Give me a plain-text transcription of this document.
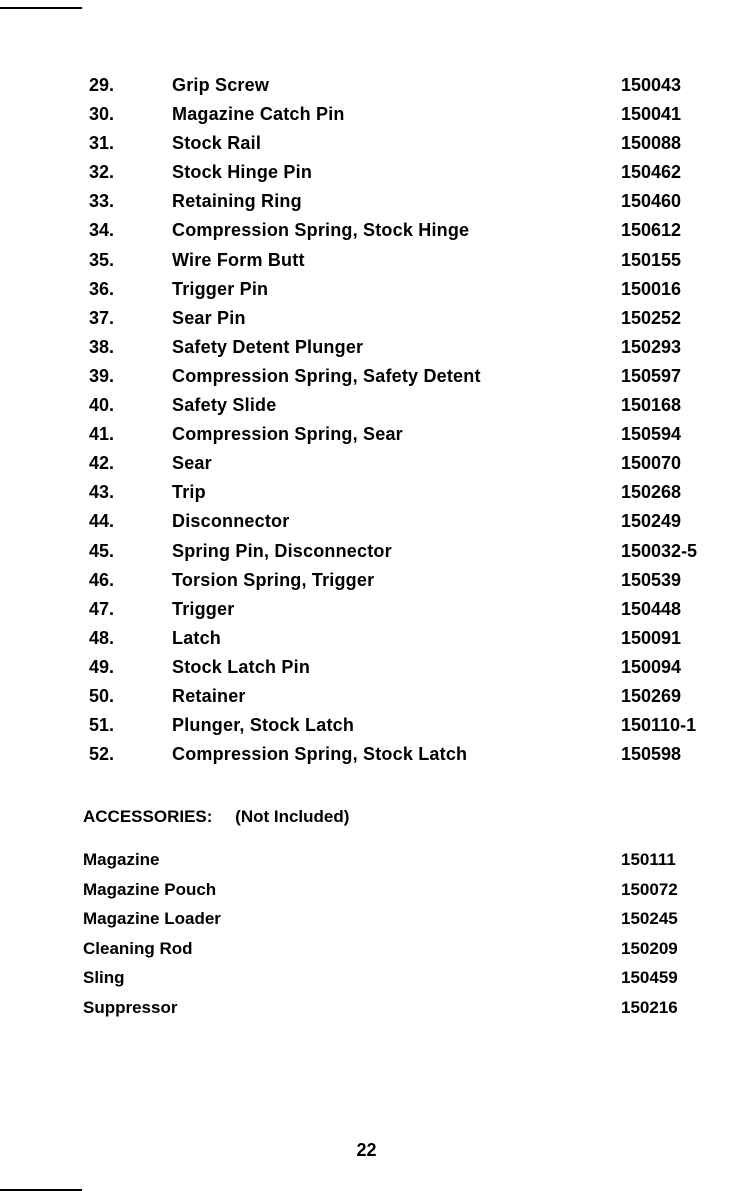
29.	Grip Screw	150043
30.	Magazine Catch Pin	150041
31.	Stock Rail	150088
32.	Stock Hinge Pin	150462
33.	Retaining Ring	150460
34.	Compression Spring, Stock Hinge	150612
35.	Wire Form Butt	150155
36.	Trigger Pin	150016
37.	Sear Pin	150252
38.	Safety Detent Plunger	150293
39.	Compression Spring, Safety Detent	150597
40.	Safety Slide	150168
41.	Compression Spring, Sear	150594
42.	Sear	150070
43.	Trip	150268
44.	Disconnector	150249
45.	Spring Pin, Disconnector	150032-5
46.	Torsion Spring, Trigger	150539
47.	Trigger	150448
48.	Latch	150091
49.	Stock Latch Pin	150094
50.	Retainer	150269
51.	Plunger, Stock Latch	150110-1
52.	Compression Spring, Stock Latch	150598
ACCESSORIES: (Not Included)
Magazine	150111
Magazine Pouch	150072
Magazine Loader	150245
Cleaning Rod	150209
Sling	150459
Suppressor	150216
22
